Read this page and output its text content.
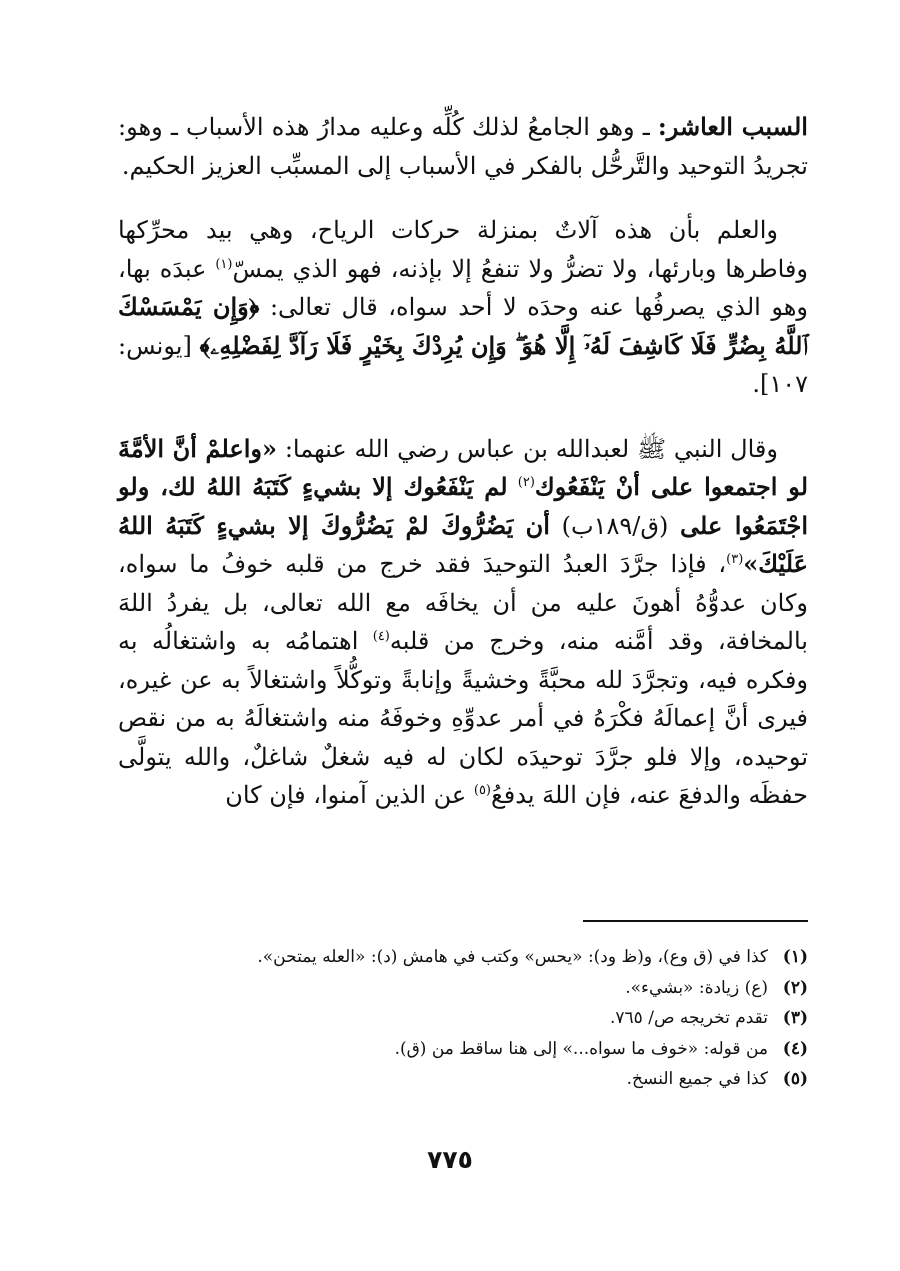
السبب العاشر: ـ وهو الجامعُ لذلك كُلِّه وعليه مدارُ هذه الأسباب ـ وهو: تجريدُ التوحيد والتَّرحُّل بالفكر في الأسباب إلى المسبِّب العزيز الحكيم.

والعلم بأن هذه آلاتٌ بمنزلة حركات الرياح، وهي بيد محرِّكها وفاطرها وبارئها، ولا تضرُّ ولا تنفعُ إلا بإذنه، فهو الذي يمسّ$^{(١)}$ عبدَه بها، وهو الذي يصرفُها عنه وحدَه لا أحد سواه، قال تعالى: ﴿وَإِن يَمْسَسْكَ ٱللَّهُ بِضُرٍّ فَلَا كَاشِفَ لَهُۥٓ إِلَّا هُوَ ۖ وَإِن يُرِدْكَ بِخَيْرٍ فَلَا رَآدَّ لِفَضْلِهِۦ﴾ [يونس: ١٠٧].

وقال النبي ﷺ لعبدالله بن عباس رضي الله عنهما: «واعلمْ أنَّ الأمَّةَ لو اجتمعوا على أنْ يَنْفَعُوك$^{(٢)}$ لم يَنْفَعُوك إلا بشيءٍ كَتَبَهُ اللهُ لك، ولو اجْتَمَعُوا على (ق/١٨٩ب) أن يَضُرُّوكَ لمْ يَضُرُّوكَ إلا بشيءٍ كَتَبَهُ اللهُ عَلَيْكَ»$^{(٣)}$، فإذا جرَّدَ العبدُ التوحيدَ فقد خرج من قلبه خوفُ ما سواه، وكان عدوُّهُ أهونَ عليه من أن يخافَه مع الله تعالى، بل يفردُ اللهَ بالمخافة، وقد أمَّنه منه، وخرج من قلبه$^{(٤)}$ اهتمامُه به واشتغالُه به وفكره فيه، وتجرَّدَ لله محبَّةً وخشيةً وإنابةً وتوكُّلاً واشتغالاً به عن غيره، فيرى أنَّ إعمالَهُ فكْرَهُ في أمر عدوِّهِ وخوفَهُ منه واشتغالَهُ به من نقص توحيده، وإلا فلو جرَّدَ توحيدَه لكان له فيه شغلٌ شاغلٌ، والله يتولَّى حفظَه والدفعَ عنه، فإن اللهَ يدفعُ$^{(٥)}$ عن الذين آمنوا، فإن كان

(١)
كذا في (ق وع)، و(ظ ود): «يحس» وكتب في هامش (د): «العله يمتحن».
(٢)
(ع) زيادة: «بشيء».
(٣)
تقدم تخريجه ص/ ٧٦٥.
(٤)
من قوله: «خوف ما سواه...» إلى هنا ساقط من (ق).
(٥)
كذا في جميع النسخ.
٧٧٥
